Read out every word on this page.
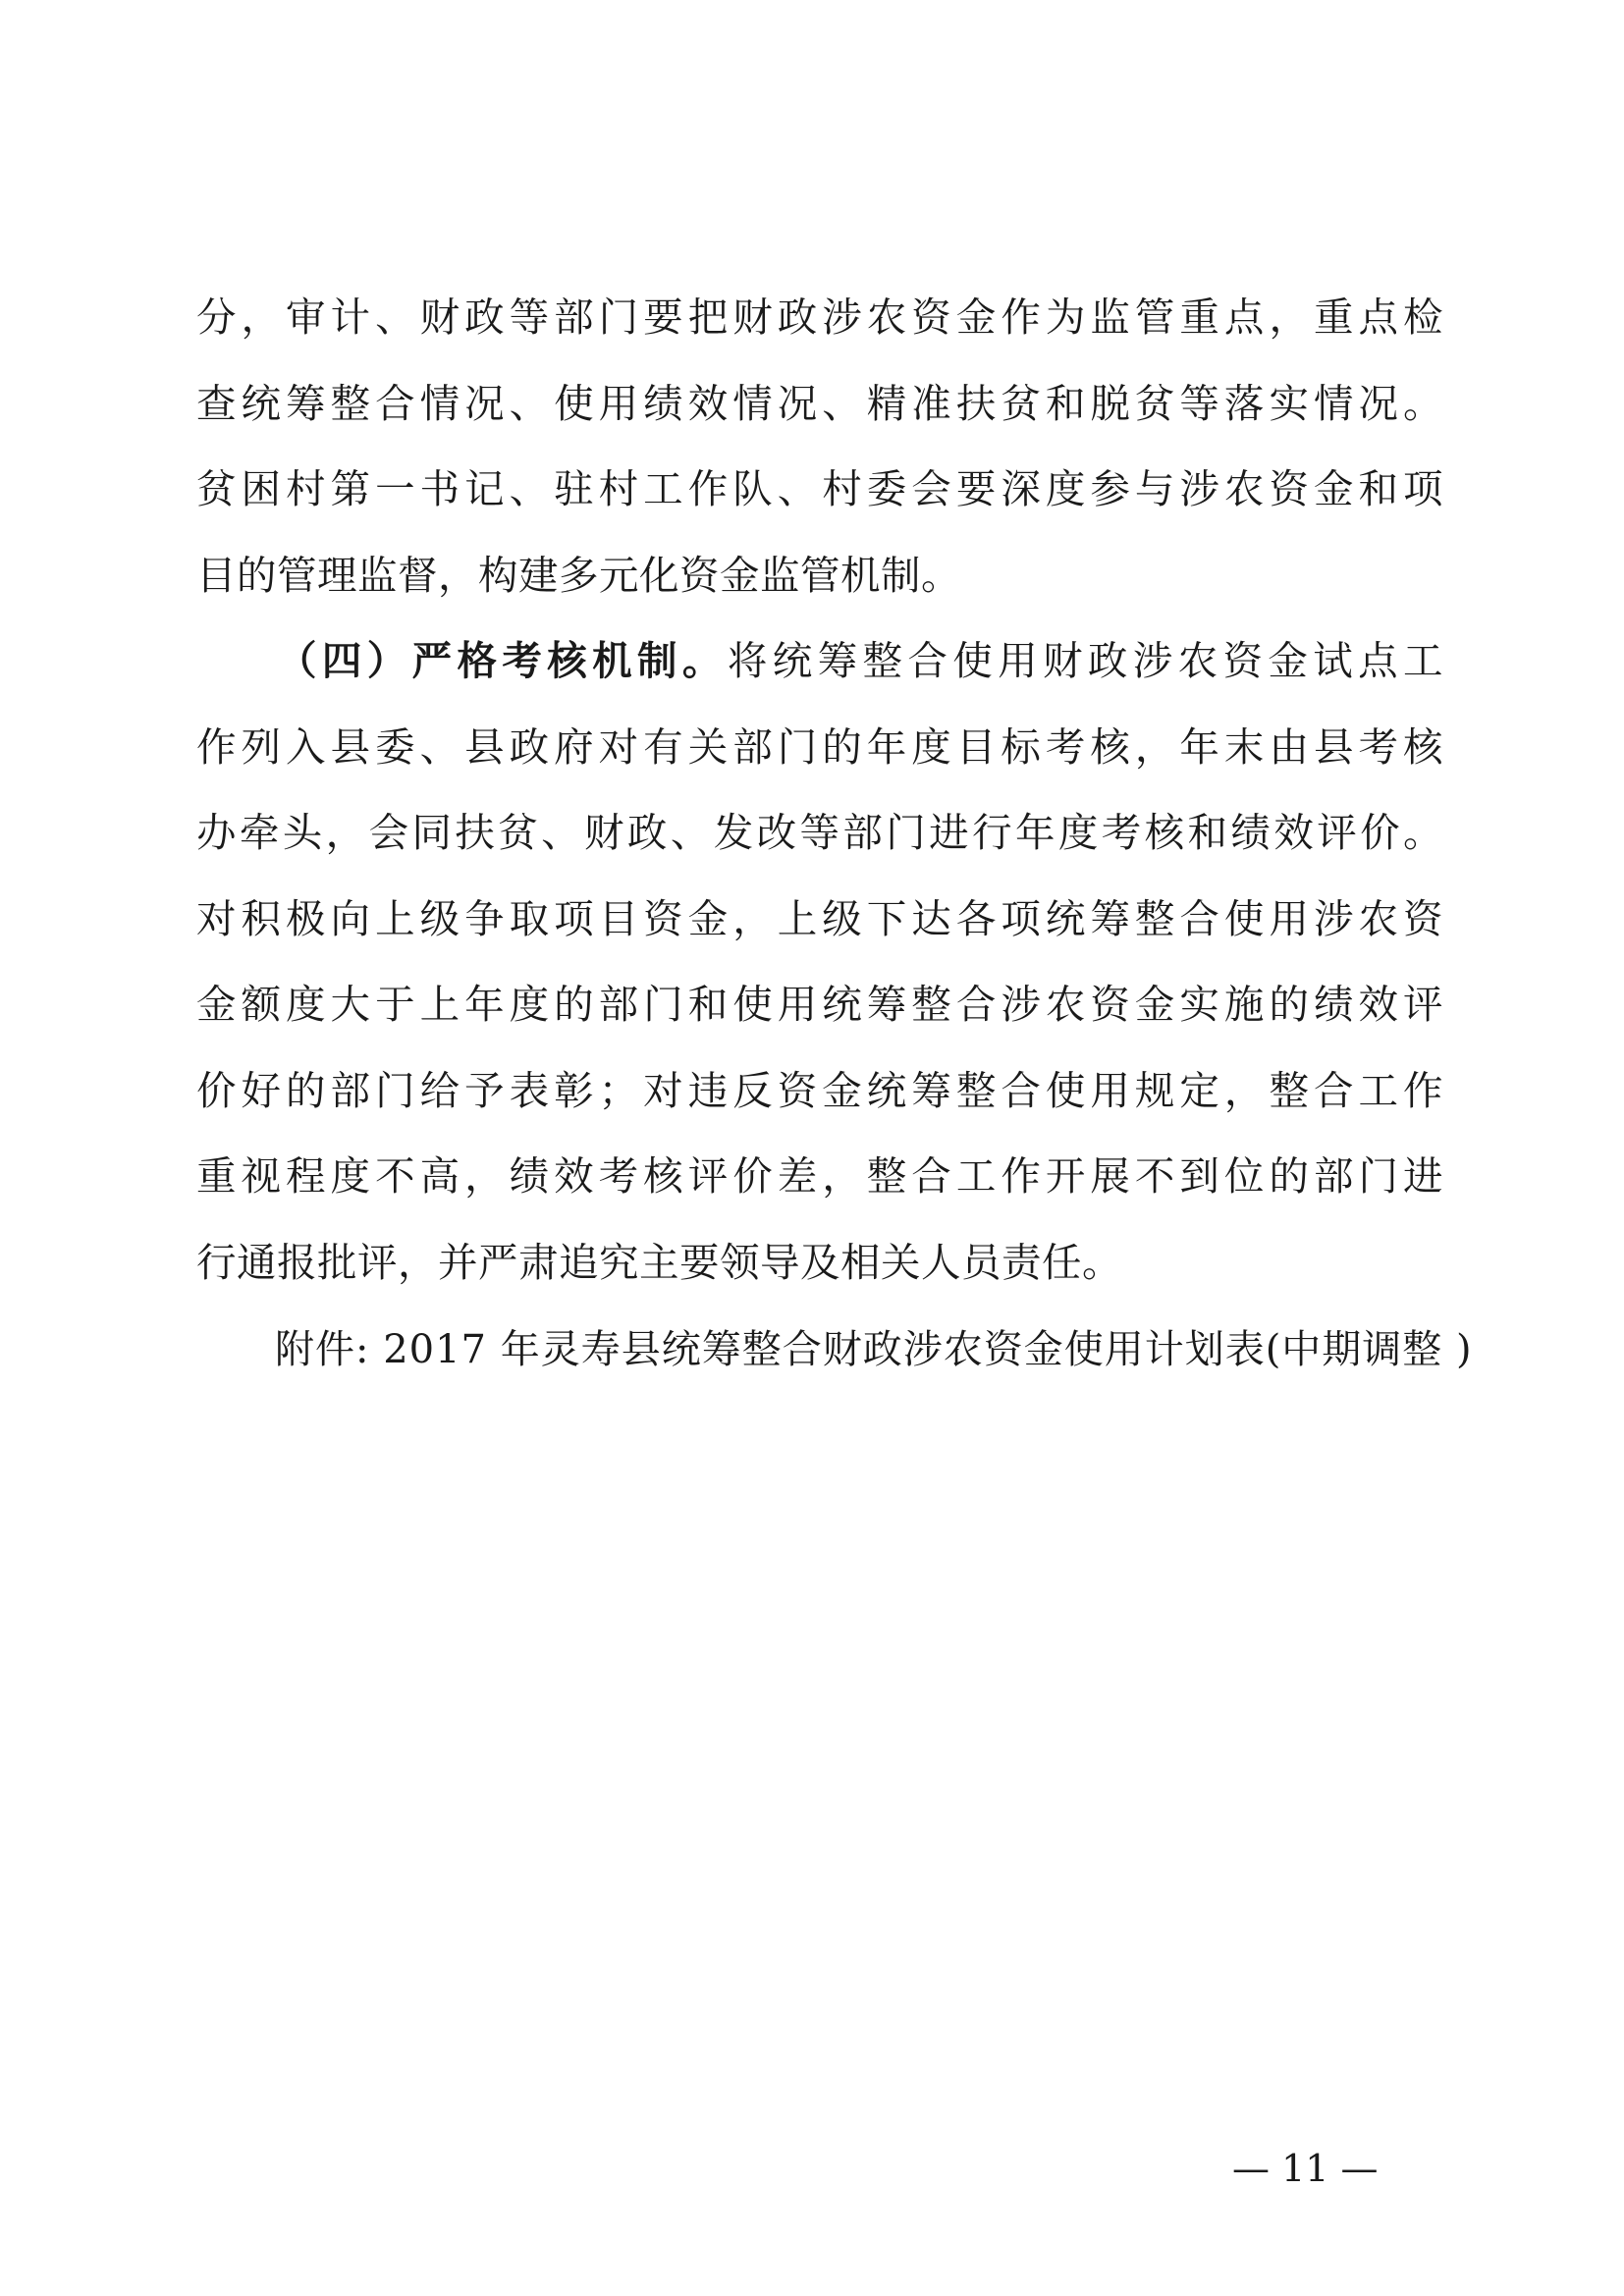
分，审计、财政等部门要把财政涉农资金作为监管重点，重点检
查统筹整合情况、使用绩效情况、精准扶贫和脱贫等落实情况。
贫困村第一书记、驻村工作队、村委会要深度参与涉农资金和项
目的管理监督，构建多元化资金监管机制。
（四）严格考核机制。将统筹整合使用财政涉农资金试点工
作列入县委、县政府对有关部门的年度目标考核，年末由县考核
办牵头，会同扶贫、财政、发改等部门进行年度考核和绩效评价。
对积极向上级争取项目资金，上级下达各项统筹整合使用涉农资
金额度大于上年度的部门和使用统筹整合涉农资金实施的绩效评
价好的部门给予表彰；对违反资金统筹整合使用规定，整合工作
重视程度不高，绩效考核评价差，整合工作开展不到位的部门进
行通报批评，并严肃追究主要领导及相关人员责任。
附件: 2017 年灵寿县统筹整合财政涉农资金使用计划表(中期调整 )
— 11 —
